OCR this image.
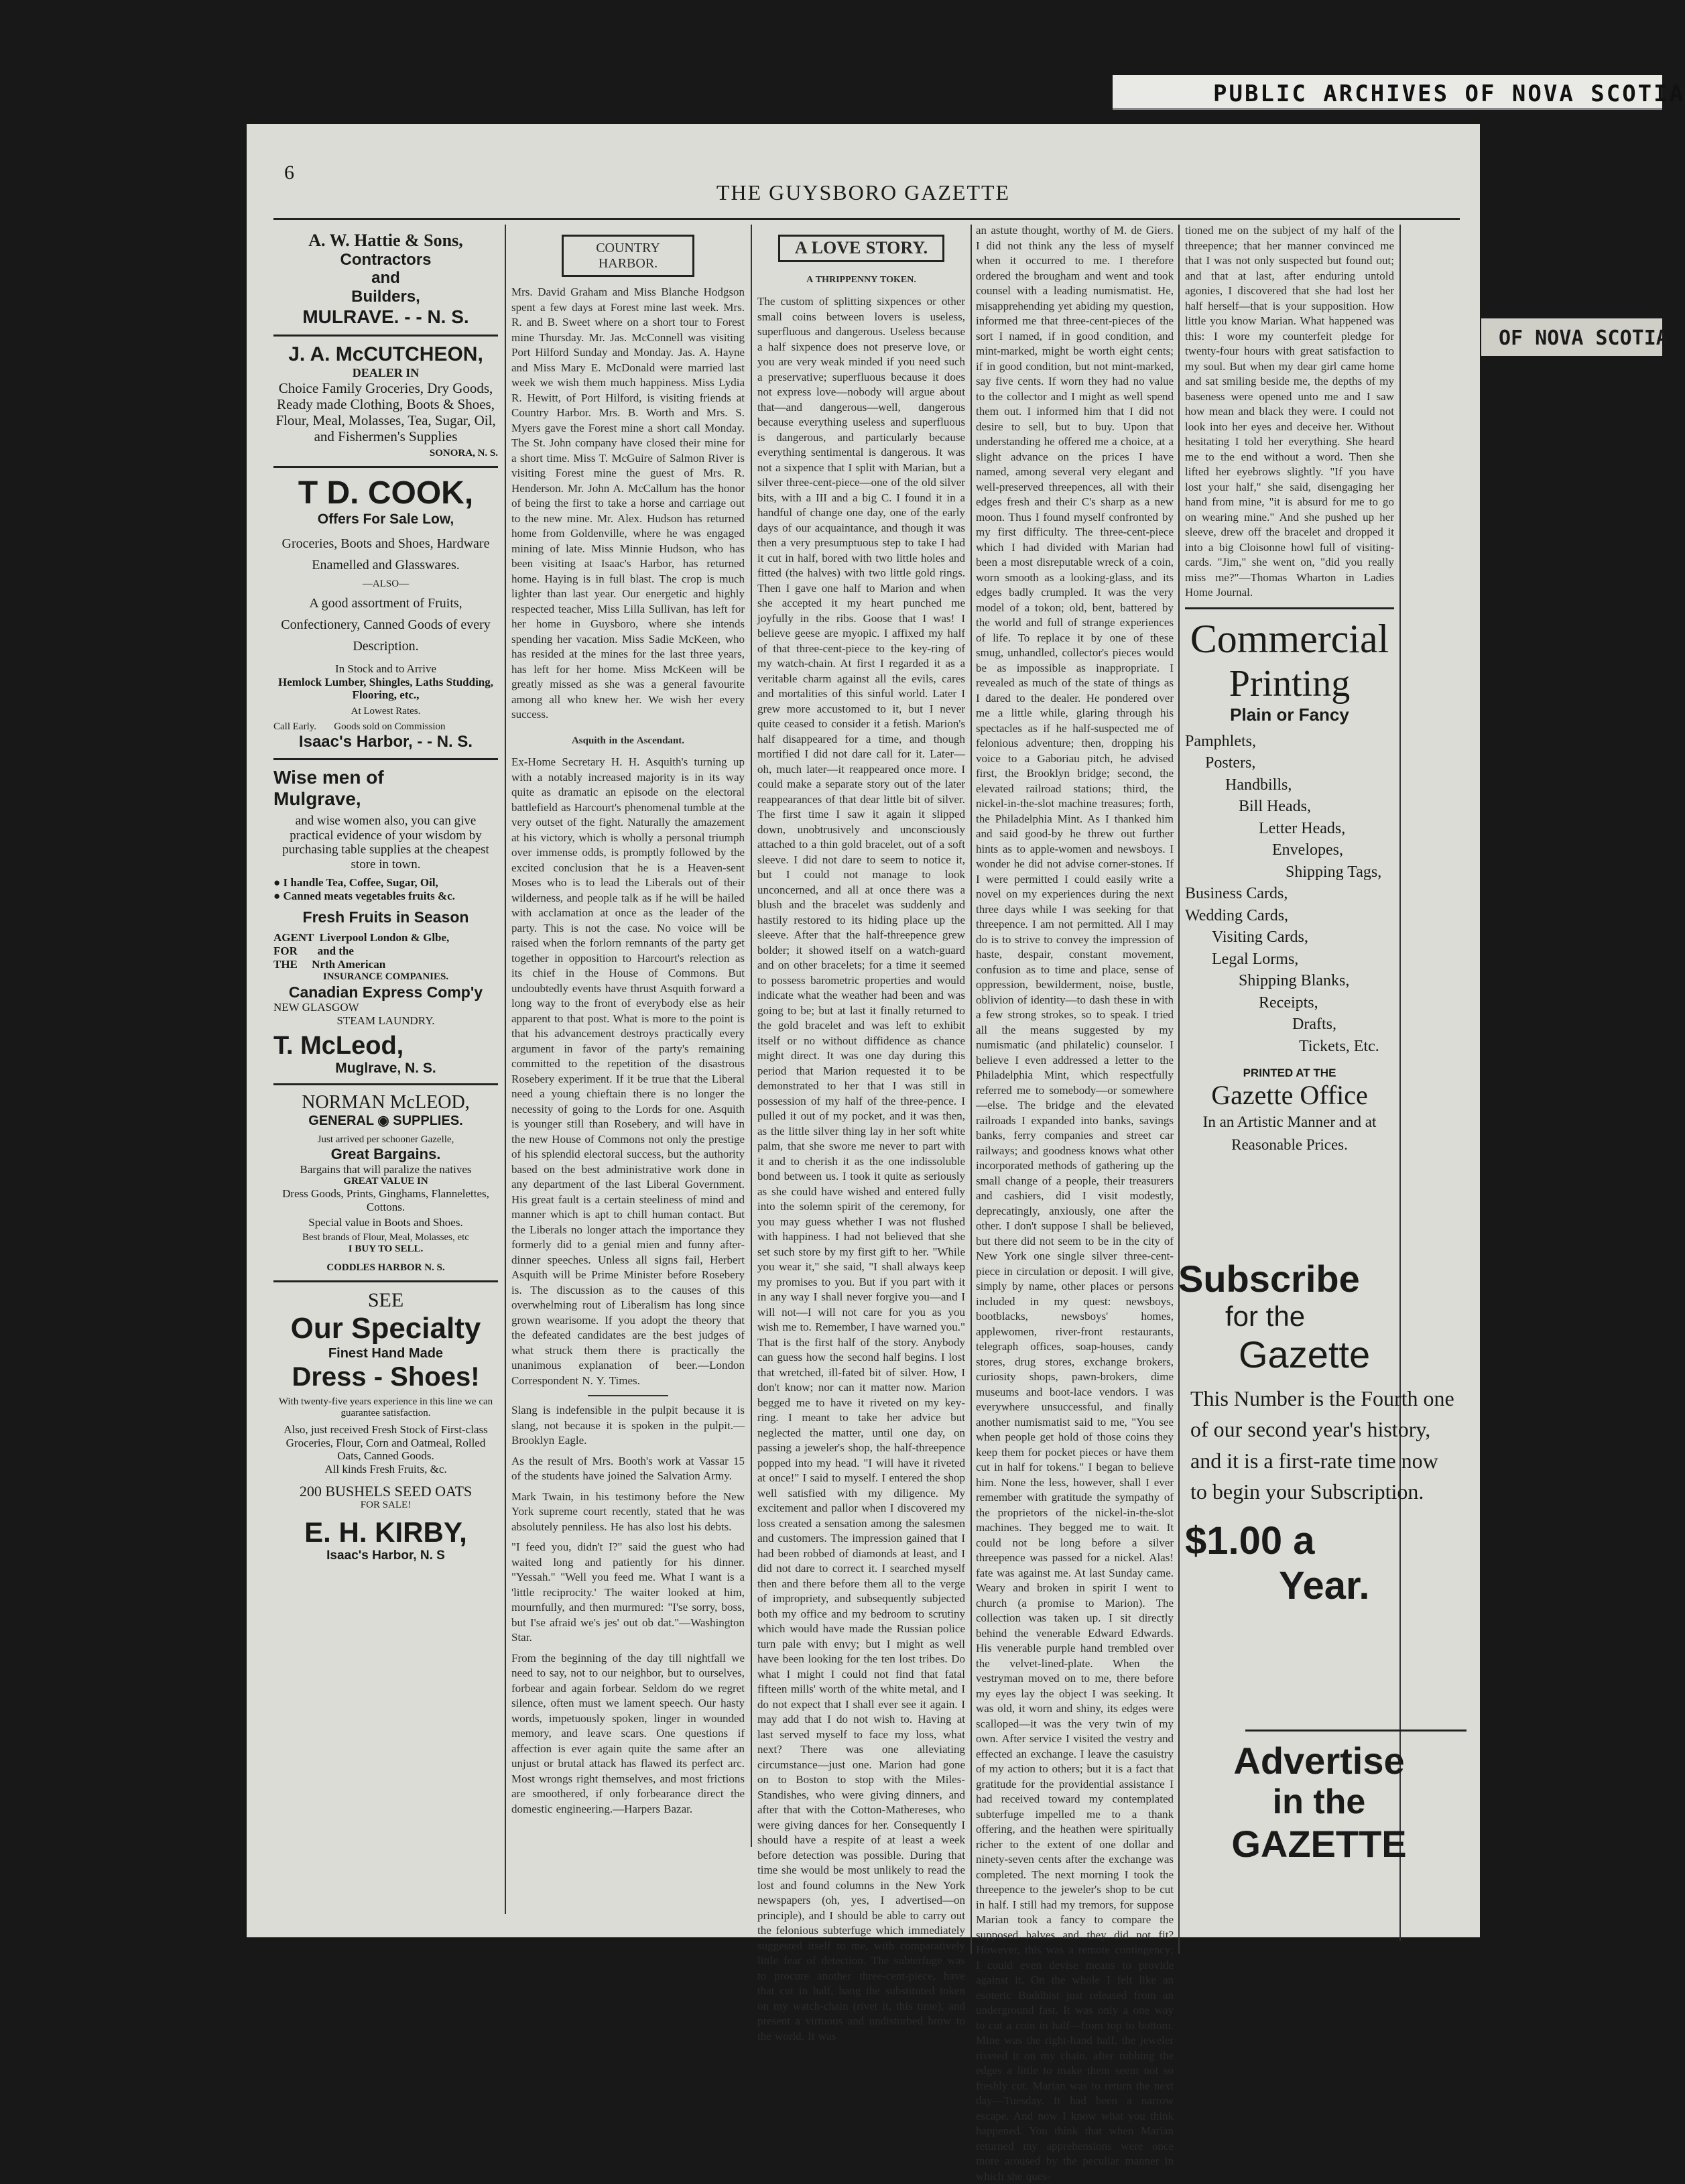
PUBLIC ARCHIVES OF NOVA SCOTIA
6
THE GUYSBORO GAZETTE
A. W. Hattie & Sons,
Contractors
and
Builders,
MULRAVE. - - N. S.
J. A. McCUTCHEON,
DEALER IN
Choice Family Groceries, Dry Goods, Ready made Clothing, Boots & Shoes, Flour, Meal, Molasses, Tea, Sugar, Oil, and Fishermen's Supplies
SONORA, N. S.
T D. COOK,
Offers For Sale Low,
Groceries, Boots and Shoes, Hardware Enamelled and Glasswares.
—ALSO—
A good assortment of Fruits, Confectionery, Canned Goods of every Description.
In Stock and to Arrive
Hemlock Lumber, Shingles, Laths Studding, Flooring, etc.,
At Lowest Rates.
Call Early.       Goods sold on Commission
Isaac's Harbor, - - N. S.
Wise men of
Mulgrave,
and wise women also, you can give practical evidence of your wisdom by purchasing table supplies at the cheapest store in town.
● I handle Tea, Coffee, Sugar, Oil,
● Canned meats vegetables fruits &c.
Fresh Fruits in Season
AGENT  Liverpool London & Glbe,
FOR       and the
THE     Nrth American
INSURANCE COMPANIES.
Canadian Express Comp'y
NEW GLASGOW
STEAM LAUNDRY.
T. McLeod,
Muglrave, N. S.
NORMAN McLEOD,
GENERAL ◉ SUPPLIES.
Just arrived per schooner Gazelle,
Great Bargains.
Bargains that will paralize the natives
GREAT VALUE IN
Dress Goods, Prints, Ginghams, Flannelettes, Cottons.
Special value in Boots and Shoes.
Best brands of Flour, Meal, Molasses, etc
I BUY TO SELL.
CODDLES HARBOR N. S.
SEE
Our Specialty
Finest Hand Made
Dress - Shoes!
With twenty-five years experience in this line we can guarantee satisfaction.
Also, just received Fresh Stock of First-class Groceries, Flour, Corn and Oatmeal, Rolled Oats, Canned Goods.
All kinds Fresh Fruits, &c.
200 BUSHELS SEED OATS
FOR SALE!
E. H. KIRBY,
Isaac's Harbor, N. S
COUNTRY HARBOR.
Mrs. David Graham and Miss Blanche Hodgson spent a few days at Forest mine last week. Mrs. R. and B. Sweet where on a short tour to Forest mine Thursday. Mr. Jas. McConnell was visiting Port Hilford Sunday and Monday. Jas. A. Hayne and Miss Mary E. McDonald were married last week we wish them much happiness. Miss Lydia R. Hewitt, of Port Hilford, is visiting friends at Country Harbor. Mrs. B. Worth and Mrs. S. Myers gave the Forest mine a short call Monday. The St. John company have closed their mine for a short time. Miss T. McGuire of Salmon River is visiting Forest mine the guest of Mrs. R. Henderson. Mr. John A. McCallum has the honor of being the first to take a horse and carriage out to the new mine. Mr. Alex. Hudson has returned home from Goldenville, where he was engaged mining of late. Miss Minnie Hudson, who has been visiting at Isaac's Harbor, has returned home. Haying is in full blast. The crop is much lighter than last year. Our energetic and highly respected teacher, Miss Lilla Sullivan, has left for her home in Guysboro, where she intends spending her vacation. Miss Sadie McKeen, who has resided at the mines for the last three years, has left for her home. Miss McKeen will be greatly missed as she was a general favourite among all who knew her. We wish her every success.
Asquith in the Ascendant.
Ex-Home Secretary H. H. Asquith's turning up with a notably increased majority is in its way quite as dramatic an episode on the electoral battlefield as Harcourt's phenomenal tumble at the very outset of the fight. Naturally the amazement at his victory, which is wholly a personal triumph over immense odds, is promptly followed by the excited conclusion that he is a Heaven-sent Moses who is to lead the Liberals out of their wilderness, and people talk as if he will be hailed with acclamation at once as the leader of the party. This is not the case. No voice will be raised when the forlorn remnants of the party get together in opposition to Harcourt's relection as its chief in the House of Commons. But undoubtedly events have thrust Asquith forward a long way to the front of everybody else as heir apparent to that post. What is more to the point is that his advancement destroys practically every argument in favor of the party's remaining committed to the repetition of the disastrous Rosebery experiment. If it be true that the Liberal need a young chieftain there is no longer the necessity of going to the Lords for one. Asquith is younger still than Rosebery, and will have in the new House of Commons not only the prestige of his splendid electoral success, but the authority based on the best administrative work done in any department of the last Liberal Government. His great fault is a certain steeliness of mind and manner which is apt to chill human contact. But the Liberals no longer attach the importance they formerly did to a genial mien and funny after-dinner speeches. Unless all signs fail, Herbert Asquith will be Prime Minister before Rosebery is. The discussion as to the causes of this overwhelming rout of Liberalism has long since grown wearisome. If you adopt the theory that the defeated candidates are the best judges of what struck them there is practically the unanimous explanation of beer.—London Correspondent N. Y. Times.
Slang is indefensible in the pulpit because it is slang, not because it is spoken in the pulpit.—Brooklyn Eagle.
As the result of Mrs. Booth's work at Vassar 15 of the students have joined the Salvation Army.
Mark Twain, in his testimony before the New York supreme court recently, stated that he was absolutely penniless. He has also lost his debts.
"I feed you, didn't I?" said the guest who had waited long and patiently for his dinner. "Yessah." "Well you feed me. What I want is a 'little reciprocity.' The waiter looked at him, mournfully, and then murmured: "I'se sorry, boss, but I'se afraid we's jes' out ob dat."—Washington Star.
From the beginning of the day till nightfall we need to say, not to our neighbor, but to ourselves, forbear and again forbear. Seldom do we regret silence, often must we lament speech. Our hasty words, impetuously spoken, linger in wounded memory, and leave scars. One questions if affection is ever again quite the same after an unjust or brutal attack has flawed its perfect arc. Most wrongs right themselves, and most frictions are smoothered, if only forbearance direct the domestic engineering.—Harpers Bazar.
A LOVE STORY.
A THRIPPENNY TOKEN.
The custom of splitting sixpences or other small coins between lovers is useless, superfluous and dangerous. Useless because a half sixpence does not preserve love, or you are very weak minded if you need such a preservative; superfluous because it does not express love—nobody will argue about that—and dangerous—well, dangerous because everything useless and superfluous is dangerous, and particularly because everything sentimental is dangerous. It was not a sixpence that I split with Marian, but a silver three-cent-piece—one of the old silver bits, with a III and a big C. I found it in a handful of change one day, one of the early days of our acquaintance, and though it was then a very presumptuous step to take I had it cut in half, bored with two little holes and fitted (the halves) with two little gold rings. Then I gave one half to Marion and when she accepted it my heart punched me joyfully in the ribs. Goose that I was! I believe geese are myopic. I affixed my half of that three-cent-piece to the key-ring of my watch-chain. At first I regarded it as a veritable charm against all the evils, cares and mortalities of this sinful world. Later I grew more accustomed to it, but I never quite ceased to consider it a fetish. Marion's half disappeared for a time, and though mortified I did not dare call for it. Later—oh, much later—it reappeared once more. I could make a separate story out of the later reappearances of that dear little bit of silver. The first time I saw it again it slipped down, unobtrusively and unconsciously attached to a thin gold bracelet, out of a soft sleeve. I did not dare to seem to notice it, but I could not manage to look unconcerned, and all at once there was a blush and the bracelet was suddenly and hastily restored to its hiding place up the sleeve. After that the half-threepence grew bolder; it showed itself on a watch-guard and on other bracelets; for a time it seemed to possess barometric properties and would indicate what the weather had been and was going to be; but at last it finally returned to the gold bracelet and was left to exhibit itself or no without diffidence as chance might direct. It was one day during this period that Marion requested it to be demonstrated to her that I was still in possession of my half of the three-pence. I pulled it out of my pocket, and it was then, as the little silver thing lay in her soft white palm, that she swore me never to part with it and to cherish it as the one indissoluble bond between us. I took it quite as seriously as she could have wished and entered fully into the solemn spirit of the ceremony, for you may guess whether I was not flushed with happiness. I had not believed that she set such store by my first gift to her. "While you wear it," she said, "I shall always keep my promises to you. But if you part with it in any way I shall never forgive you—and I will not—I will not care for you as you wish me to. Remember, I have warned you." That is the first half of the story. Anybody can guess how the second half begins. I lost that wretched, ill-fated bit of silver. How, I don't know; nor can it matter now. Marion begged me to have it riveted on my key-ring. I meant to take her advice but neglected the matter, until one day, on passing a jeweler's shop, the half-threepence popped into my head. "I will have it riveted at once!" I said to myself. I entered the shop well satisfied with my diligence. My excitement and pallor when I discovered my loss created a sensation among the salesmen and customers. The impression gained that I had been robbed of diamonds at least, and I did not dare to correct it. I searched myself then and there before them all to the verge of impropriety, and subsequently subjected both my office and my bedroom to scrutiny which would have made the Russian police turn pale with envy; but I might as well have been looking for the ten lost tribes. Do what I might I could not find that fatal fifteen mills' worth of the white metal, and I do not expect that I shall ever see it again. I may add that I do not wish to. Having at last served myself to face my loss, what next? There was one alleviating circumstance—just one. Marion had gone on to Boston to stop with the Miles-Standishes, who were giving dinners, and after that with the Cotton-Mathereses, who were giving dances for her. Consequently I should have a respite of at least a week before detection was possible. During that time she would be most unlikely to read the lost and found columns in the New York newspapers (oh, yes, I advertised—on principle), and I should be able to carry out the felonious subterfuge which immediately suggested itself to me, with comparatively little fear of detection. The subterfuge was to procure another three-cent-piece, have that cut in half, hang the substituted token on my watch-chain (rivet it, this time), and present a virtuous and undisturbed brow to the world. It was
an astute thought, worthy of M. de Giers. I did not think any the less of myself when it occurred to me. I therefore ordered the brougham and went and took counsel with a leading numismatist. He, misapprehending yet abiding my question, informed me that three-cent-pieces of the sort I named, if in good condition, and mint-marked, might be worth eight cents; if in good condition, but not mint-marked, say five cents. If worn they had no value to the collector and I might as well spend them out. I informed him that I did not desire to sell, but to buy. Upon that understanding he offered me a choice, at a slight advance on the prices I have named, among several very elegant and well-preserved threepences, all with their edges fresh and their C's sharp as a new moon. Thus I found myself confronted by my first difficulty. The three-cent-piece which I had divided with Marian had been a most disreputable wreck of a coin, worn smooth as a looking-glass, and its edges badly crumpled. It was the very model of a tokon; old, bent, battered by the world and full of strange experiences of life. To replace it by one of these smug, unhandled, collector's pieces would be as impossible as inappropriate. I revealed as much of the state of things as I dared to the dealer. He pondered over me a little while, glaring through his spectacles as if he half-suspected me of felonious adventure; then, dropping his voice to a Gaboriau pitch, he advised first, the Brooklyn bridge; second, the elevated railroad stations; third, the nickel-in-the-slot machine treasures; forth, the Philadelphia Mint. As I thanked him and said good-by he threw out further hints as to apple-women and newsboys. I wonder he did not advise corner-stones. If I were permitted I could easily write a novel on my experiences during the next three days while I was seeking for that threepence. I am not permitted. All I may do is to strive to convey the impression of haste, despair, constant movement, confusion as to time and place, sense of oppression, bewilderment, noise, bustle, oblivion of identity—to dash these in with a few strong strokes, so to speak. I tried all the means suggested by my numismatic (and philatelic) counselor. I believe I even addressed a letter to the Philadelphia Mint, which respectfully referred me to somebody—or somewhere—else. The bridge and the elevated railroads I expanded into banks, savings banks, ferry companies and street car railways; and goodness knows what other incorporated methods of gathering up the small change of a people, their treasurers and cashiers, did I visit modestly, deprecatingly, anxiously, one after the other. I don't suppose I shall be believed, but there did not seem to be in the city of New York one single silver three-cent-piece in circulation or deposit. I will give, simply by name, other places or persons included in my quest: newsboys, bootblacks, newsboys' homes, applewomen, river-front restaurants, telegraph offices, soap-houses, candy stores, drug stores, exchange brokers, curiosity shops, pawn-brokers, dime museums and boot-lace vendors. I was everywhere unsuccessful, and finally another numismatist said to me, "You see when people get hold of those coins they keep them for pocket pieces or have them cut in half for tokens." I began to believe him. None the less, however, shall I ever remember with gratitude the sympathy of the proprietors of the nickel-in-the-slot machines. They begged me to wait. It could not be long before a silver threepence was passed for a nickel. Alas! fate was against me. At last Sunday came. Weary and broken in spirit I went to church (a promise to Marion). The collection was taken up. I sit directly behind the venerable Edward Edwards. His venerable purple hand trembled over the velvet-lined-plate. When the vestryman moved on to me, there before my eyes lay the object I was seeking. It was old, it worn and shiny, its edges were scalloped—it was the very twin of my own. After service I visited the vestry and effected an exchange. I leave the casuistry of my action to others; but it is a fact that gratitude for the providential assistance I had received toward my contemplated subterfuge impelled me to a thank offering, and the heathen were spiritually richer to the extent of one dollar and ninety-seven cents after the exchange was completed. The next morning I took the threepence to the jeweler's shop to be cut in half. I still had my tremors, for suppose Marian took a fancy to compare the supposed halves and they did not fit? However, this was a remote contingency; I could even devise means to provide against it. On the whole I felt like an esoteric Buddhist just released from an underground fast. It was only a one way to cut a coin in half—from top to bottom. Mine was the right-hand half, the jeweler riveted it on my chain, after rubbing the edges a little to make them seem not so freshly cut. Marian was to return the next day—Tuesday. It had been a narrow escape. And now I know what you think happened. You think that when Marian returned my apprehensions were once more aroused by the peculiar manner in which she ques-
tioned me on the subject of my half of the threepence; that her manner convinced me that I was not only suspected but found out; and that at last, after enduring untold agonies, I discovered that she had lost her half herself—that is your supposition. How little you know Marian. What happened was this: I wore my counterfeit pledge for twenty-four hours with great satisfaction to my soul. But when my dear girl came home and sat smiling beside me, the depths of my baseness were opened unto me and I saw how mean and black they were. I could not look into her eyes and deceive her. Without hesitating I told her everything. She heard me to the end without a word. Then she lifted her eyebrows slightly. "If you have lost your half," she said, disengaging her hand from mine, "it is absurd for me to go on wearing mine." And she pushed up her sleeve, drew off the bracelet and dropped it into a big Cloisonne howl full of visiting-cards. "Jim," she went on, "did you really miss me?"—Thomas Wharton in Ladies Home Journal.
Commercial
Printing
Plain or Fancy
Pamphlets,
Posters,
Handbills,
Bill Heads,
Letter Heads,
Envelopes,
Shipping Tags,
Business Cards,
Wedding Cards,
Visiting Cards,
Legal Lorms,
Shipping Blanks,
Receipts,
Drafts,
Tickets, Etc.
PRINTED AT THE
Gazette Office
In an Artistic Manner and at Reasonable Prices.
Subscribe
for the
Gazette
This Number is the Fourth one of our second year's history, and it is a first-rate time now to begin your Subscription.
$1.00 a
Year.
Advertise
in the
GAZETTE
OF NOVA SCOTIA
